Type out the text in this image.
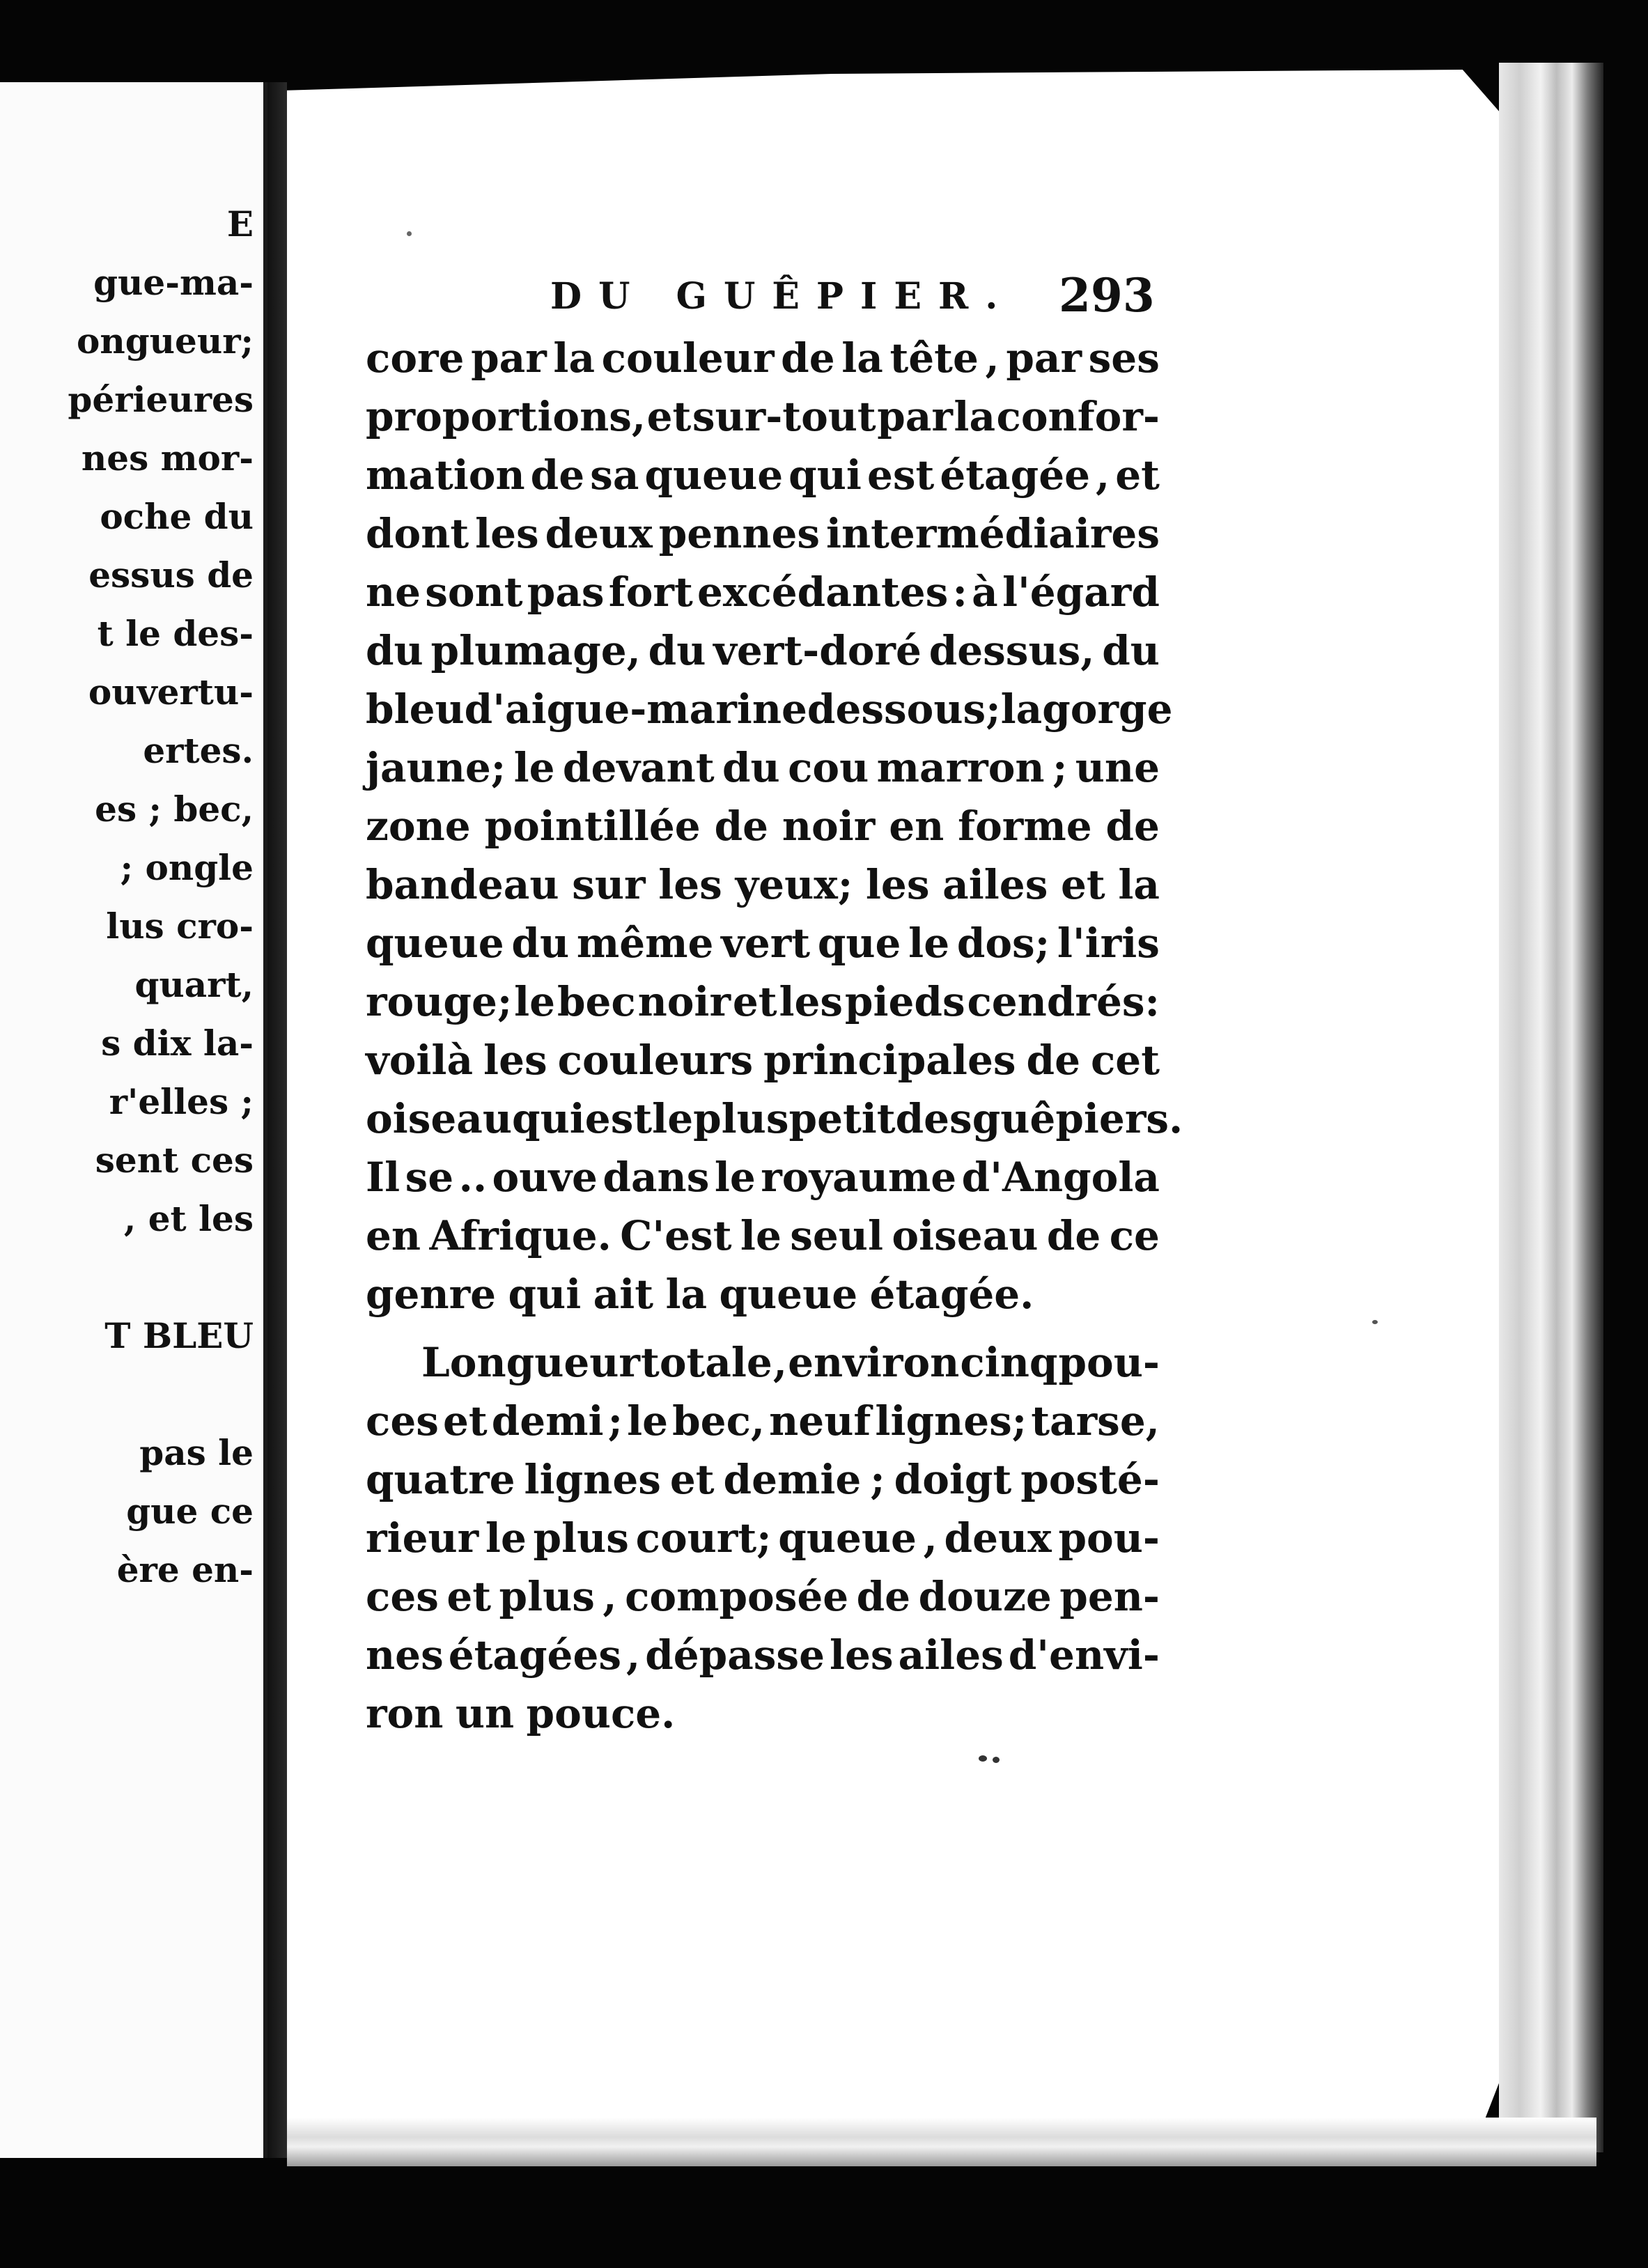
E
gue-ma-
ongueur;
périeures
nes mor-
oche du
essus de
t le des-
ouvertu-
ertes.
es ; bec,
; ongle
lus cro-
quart,
s dix la-
r'elles ;
sent ces
, et les
T BLEU
pas le
gue ce
ère en-
DU GUÊPIER. 293
core par la couleur de la tête , par ses
proportions, et sur-tout par la confor-
mation de sa queue qui est étagée , et
dont les deux pennes intermédiaires
ne sont pas fort excédantes : à l'égard
du plumage, du vert-doré dessus, du
bleu d'aigue-marine dessous; la gorge
jaune; le devant du cou marron ; une
zone pointillée de noir en forme de
bandeau sur les yeux; les ailes et la
queue du même vert que le dos; l'iris
rouge; le bec noir et les pieds cendrés:
voilà les couleurs principales de cet
oiseau qui est le plus petit des guêpiers.
Il se .. ouve dans le royaume d'Angola
en Afrique. C'est le seul oiseau de ce
genre qui ait la queue étagée.
Longueur totale , environ cinq pou-
ces et demi ; le bec, neuf lignes; tarse,
quatre lignes et demie ; doigt posté-
rieur le plus court; queue , deux pou-
ces et plus , composée de douze pen-
nes étagées , dépasse les ailes d'envi-
ron un pouce.
